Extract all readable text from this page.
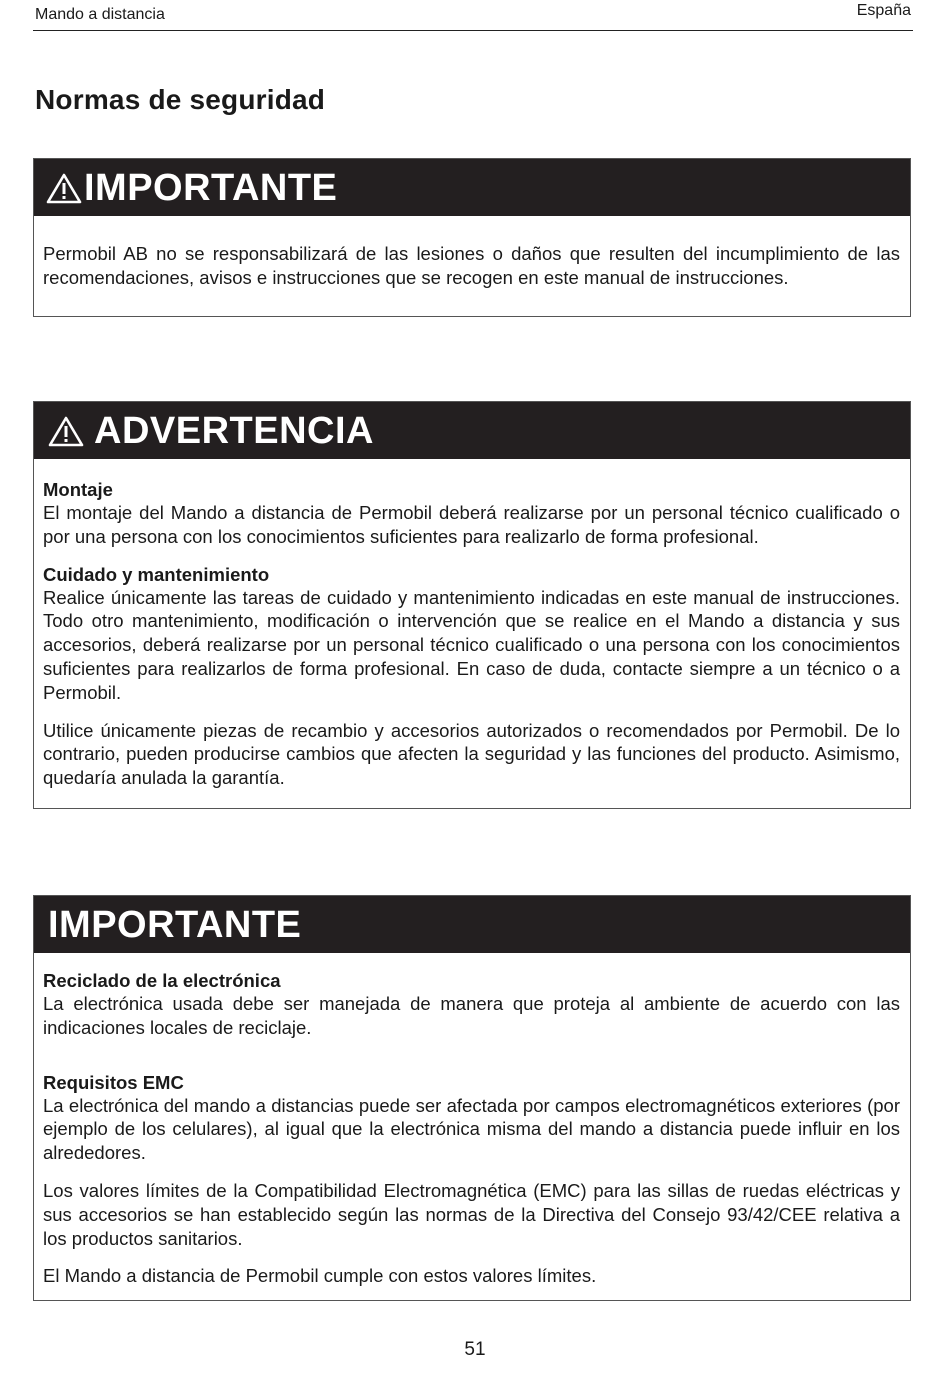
Mando a distancia	España
Normas de seguridad
IMPORTANTE

Permobil AB no se responsabilizará de las lesiones o daños que resulten del incumplimiento de las recomendaciones, avisos e instrucciones que se recogen en este manual de instrucciones.

ADVERTENCIA

Montaje

El montaje del Mando a distancia de Permobil deberá realizarse por un personal técnico cualificado o por una persona con los conocimientos suficientes para realizarlo de forma profesional.

Cuidado y mantenimiento

Realice únicamente las tareas de cuidado y mantenimiento indicadas en este manual de instrucciones. Todo otro mantenimiento, modificación o intervención que se realice en el Mando a distancia y sus accesorios, deberá realizarse por un personal técnico cualificado o una persona con los conocimientos suficientes para realizarlos de forma profesional. En caso de duda, contacte siempre a un técnico o a Permobil.

Utilice únicamente piezas de recambio y accesorios autorizados o recomendados por Permobil. De lo contrario, pueden producirse cambios que afecten la seguridad y las funciones del producto. Asimismo, quedaría anulada la garantía.

IMPORTANTE

Reciclado de la electrónica

La electrónica usada debe ser manejada de manera que proteja al ambiente de acuerdo con las indicaciones locales de reciclaje.

Requisitos EMC

La electrónica del mando a distancias puede ser afectada por campos electromagnéticos exteriores (por ejemplo de los celulares), al igual que la electrónica misma del mando a distancia puede influir en los alrededores.

Los valores límites de la Compatibilidad Electromagnética (EMC) para las sillas de ruedas eléctricas y sus accesorios se han establecido según las normas de la Directiva del Consejo 93/42/CEE relativa a los productos sanitarios.

El Mando a distancia de Permobil cumple con estos valores límites.

51
